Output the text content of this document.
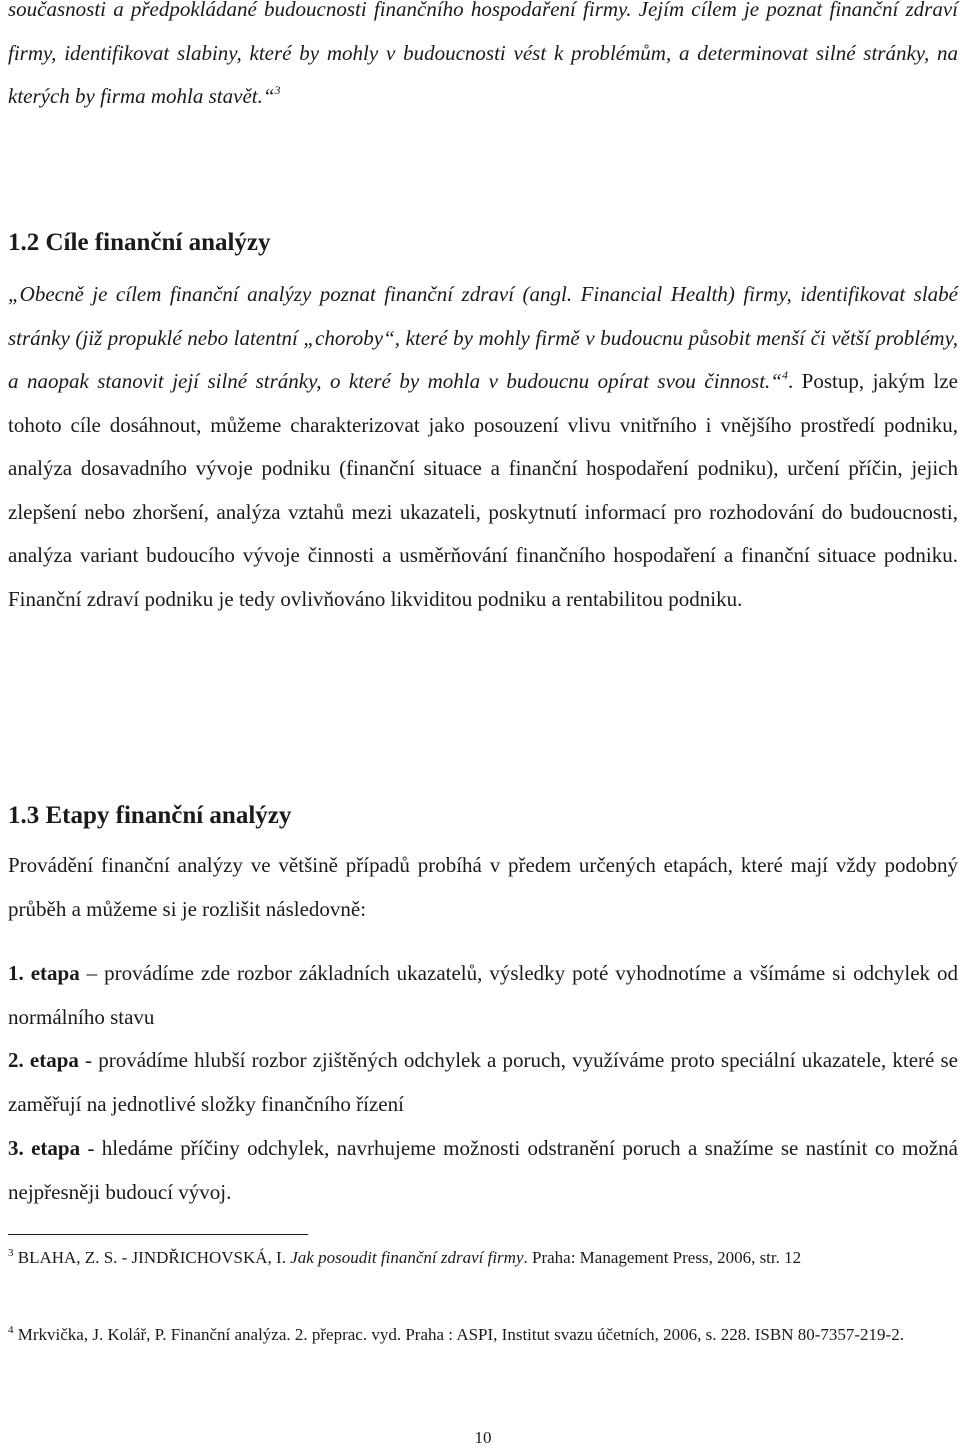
současnosti a předpokládané budoucnosti finančního hospodaření firmy. Jejím cílem je poznat finanční zdraví firmy, identifikovat slabiny, které by mohly v budoucnosti vést k problémům, a determinovat silné stránky, na kterých by firma mohla stavět.“$^3$

1.2 Cíle finanční analýzy

„Obecně je cílem finanční analýzy poznat finanční zdraví (angl. Financial Health) firmy, identifikovat slabé stránky (již propuklé nebo latentní „choroby“, které by mohly firmě v budoucnu působit menší či větší problémy, a naopak stanovit její silné stránky, o které by mohla v budoucnu opírat svou činnost.“$^4$. Postup, jakým lze tohoto cíle dosáhnout, můžeme charakterizovat jako posouzení vlivu vnitřního i vnějšího prostředí podniku, analýza dosavadního vývoje podniku (finanční situace a finanční hospodaření podniku), určení příčin, jejich zlepšení nebo zhoršení, analýza vztahů mezi ukazateli, poskytnutí informací pro rozhodování do budoucnosti, analýza variant budoucího vývoje činnosti a usměrňování finančního hospodaření a finanční situace podniku. Finanční zdraví podniku je tedy ovlivňováno likviditou podniku a rentabilitou podniku.

1.3 Etapy finanční analýzy

Provádění finanční analýzy ve většině případů probíhá v předem určených etapách, které mají vždy podobný průběh a můžeme si je rozlišit následovně:

1. etapa – provádíme zde rozbor základních ukazatelů, výsledky poté vyhodnotíme a všímáme si odchylek od normálního stavu

2. etapa - provádíme hlubší rozbor zjištěných odchylek a poruch, využíváme proto speciální ukazatele, které se zaměřují na jednotlivé složky finančního řízení

3. etapa - hledáme příčiny odchylek, navrhujeme možnosti odstranění poruch a snažíme se nastínit co možná nejpřesněji budoucí vývoj.

$^3$ BLAHA, Z. S. - JINDŘICHOVSKÁ, I. Jak posoudit finanční zdraví firmy. Praha: Management Press, 2006, str. 12

$^4$ Mrkvička, J. Kolář, P. Finanční analýza. 2. přeprac. vyd. Praha : ASPI, Institut svazu účetních, 2006, s. 228. ISBN 80-7357-219-2.

10
